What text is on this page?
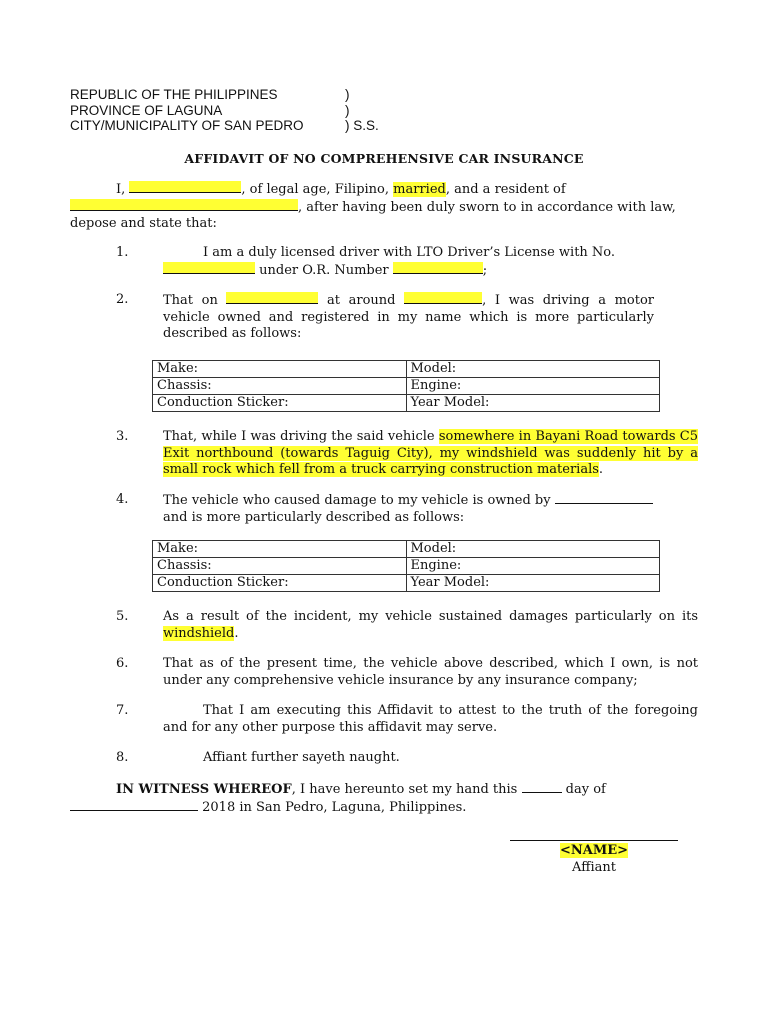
REPUBLIC OF THE PHILIPPINES	)
PROVINCE OF LAGUNA	)
CITY/MUNICIPALITY OF SAN PEDRO	) S.S.
AFFIDAVIT OF NO COMPREHENSIVE CAR INSURANCE
I,	, of legal age, Filipino, married, and a resident of
, after having been duly sworn to in accordance with law,
depose and state that:
1.	I am a duly licensed driver with LTO Driver’s License with No.
under O.R. Number	;
2.	That on	at around	, I was driving a motor vehicle owned and registered in my name which is more particularly described as follows:
Make:	Model:
Chassis:	Engine:
Conduction Sticker:	Year Model:
3.	That, while I was driving the said vehicle somewhere in Bayani Road towards C5 Exit northbound (towards Taguig City), my windshield was suddenly hit by a small rock which fell from a truck carrying construction materials.
4.	The vehicle who caused damage to my vehicle is owned by
and is more particularly described as follows:
Make:	Model:
Chassis:	Engine:
Conduction Sticker:	Year Model:
5.	As a result of the incident, my vehicle sustained damages particularly on its windshield.
6.	That as of the present time, the vehicle above described, which I own, is not under any comprehensive vehicle insurance by any insurance company;
7.	That I am executing this Affidavit to attest to the truth of the foregoing and for any other purpose this affidavit may serve.
8.	Affiant further sayeth naught.
IN WITNESS WHEREOF, I have hereunto set my hand this	day of
2018 in San Pedro, Laguna, Philippines.
<NAME>
Affiant
